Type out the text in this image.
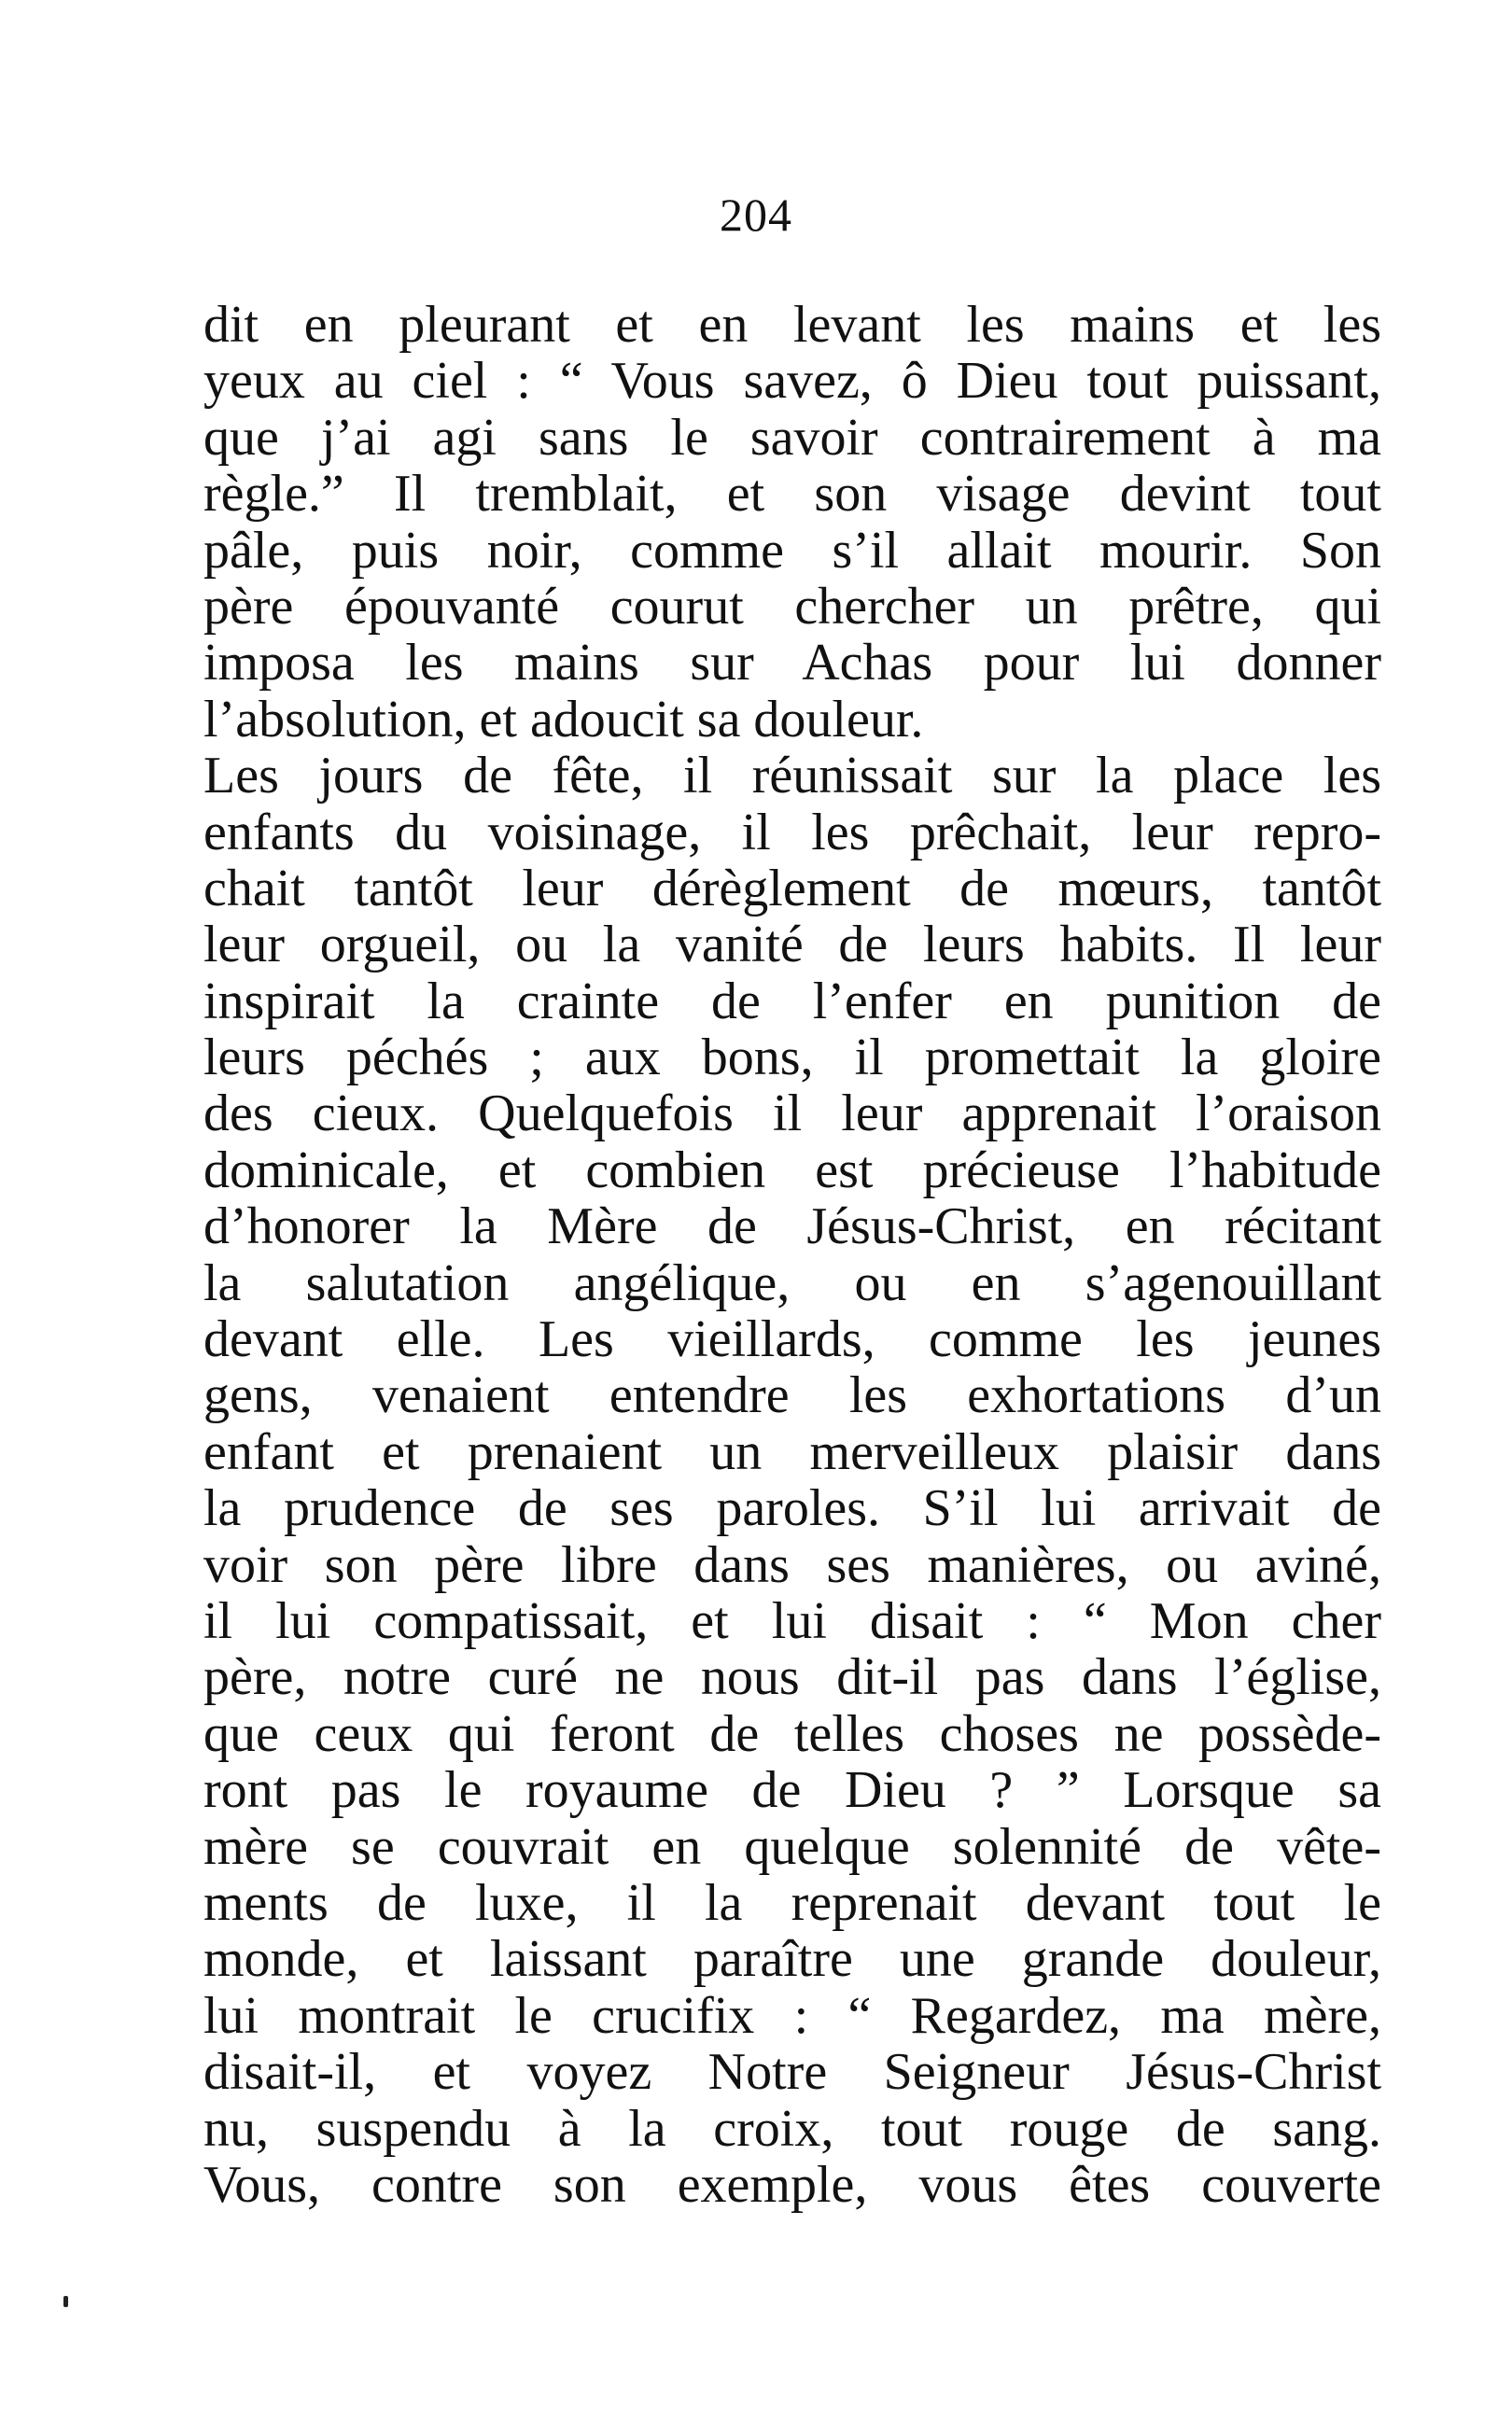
204
dit en pleurant et en levant les mains et les
yeux au ciel : “ Vous savez, ô Dieu tout puissant,
que j’ai agi sans le savoir contrairement à ma
règle.” Il tremblait, et son visage devint tout
pâle, puis noir, comme s’il allait mourir. Son
père épouvanté courut chercher un prêtre, qui
imposa les mains sur Achas pour lui donner
l’absolution, et adoucit sa douleur.
Les jours de fête, il réunissait sur la place les
enfants du voisinage, il les prêchait, leur repro-
chait tantôt leur dérèglement de mœurs, tantôt
leur orgueil, ou la vanité de leurs habits. Il leur
inspirait la crainte de l’enfer en punition de
leurs péchés ; aux bons, il promettait la gloire
des cieux. Quelquefois il leur apprenait l’oraison
dominicale, et combien est précieuse l’habitude
d’honorer la Mère de Jésus-Christ, en récitant
la salutation angélique, ou en s’agenouillant
devant elle. Les vieillards, comme les jeunes
gens, venaient entendre les exhortations d’un
enfant et prenaient un merveilleux plaisir dans
la prudence de ses paroles. S’il lui arrivait de
voir son père libre dans ses manières, ou aviné,
il lui compatissait, et lui disait : “ Mon cher
père, notre curé ne nous dit-il pas dans l’église,
que ceux qui feront de telles choses ne possède-
ront pas le royaume de Dieu ? ” Lorsque sa
mère se couvrait en quelque solennité de vête-
ments de luxe, il la reprenait devant tout le
monde, et laissant paraître une grande douleur,
lui montrait le crucifix : “ Regardez, ma mère,
disait-il, et voyez Notre Seigneur Jésus-Christ
nu, suspendu à la croix, tout rouge de sang.
Vous, contre son exemple, vous êtes couverte
